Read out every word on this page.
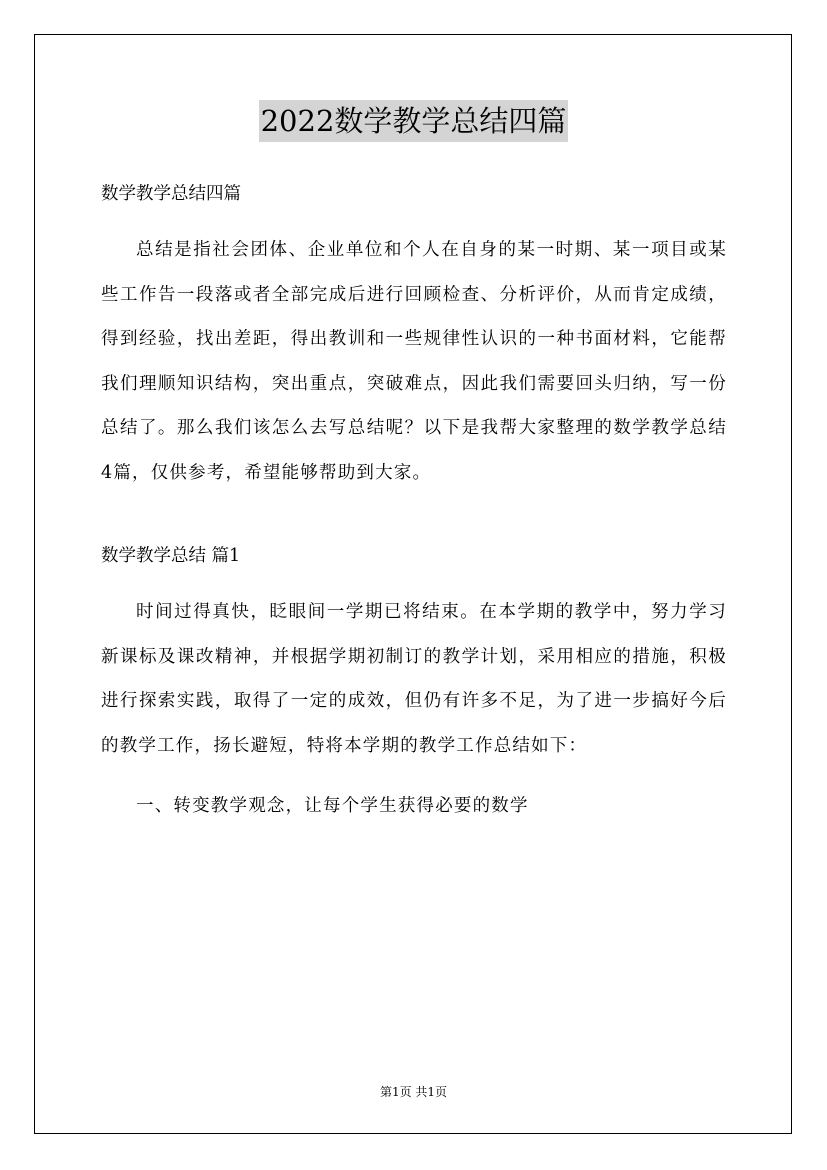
2022数学教学总结四篇

数学教学总结四篇

总结是指社会团体、企业单位和个人在自身的某一时期、某一项目或某些工作告一段落或者全部完成后进行回顾检查、分析评价，从而肯定成绩，得到经验，找出差距，得出教训和一些规律性认识的一种书面材料，它能帮我们理顺知识结构，突出重点，突破难点，因此我们需要回头归纳，写一份总结了。那么我们该怎么去写总结呢？以下是我帮大家整理的数学教学总结4篇，仅供参考，希望能够帮助到大家。

数学教学总结 篇1

时间过得真快，眨眼间一学期已将结束。在本学期的教学中，努力学习新课标及课改精神，并根据学期初制订的教学计划，采用相应的措施，积极进行探索实践，取得了一定的成效，但仍有许多不足，为了进一步搞好今后的教学工作，扬长避短，特将本学期的教学工作总结如下：

一、转变教学观念，让每个学生获得必要的数学

第1页 共1页
